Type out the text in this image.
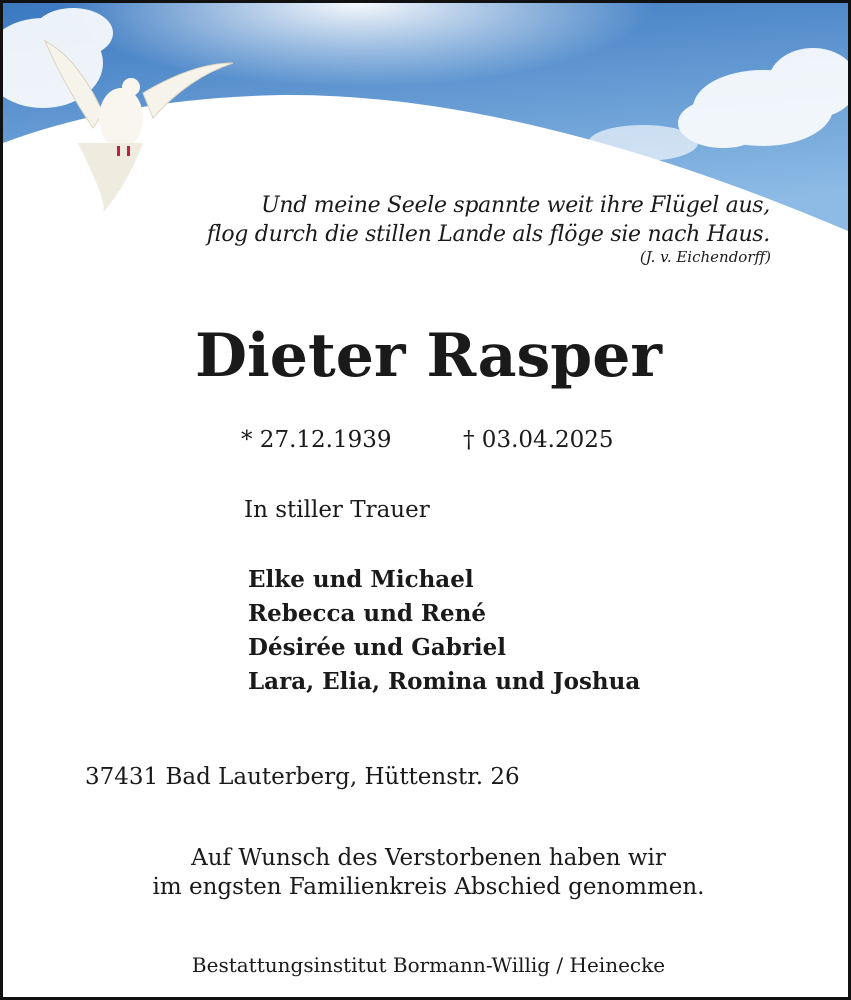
Und meine Seele spannte weit ihre Flügel aus,
flog durch die stillen Lande als flöge sie nach Haus.
(J. v. Eichendorff)
Dieter Rasper
* 27.12.1939	† 03.04.2025
In stiller Trauer
Elke und Michael
Rebecca und René
Désirée und Gabriel
Lara, Elia, Romina und Joshua
37431 Bad Lauterberg, Hüttenstr. 26
Auf Wunsch des Verstorbenen haben wir
im engsten Familienkreis Abschied genommen.
Bestattungsinstitut Bormann-Willig / Heinecke
